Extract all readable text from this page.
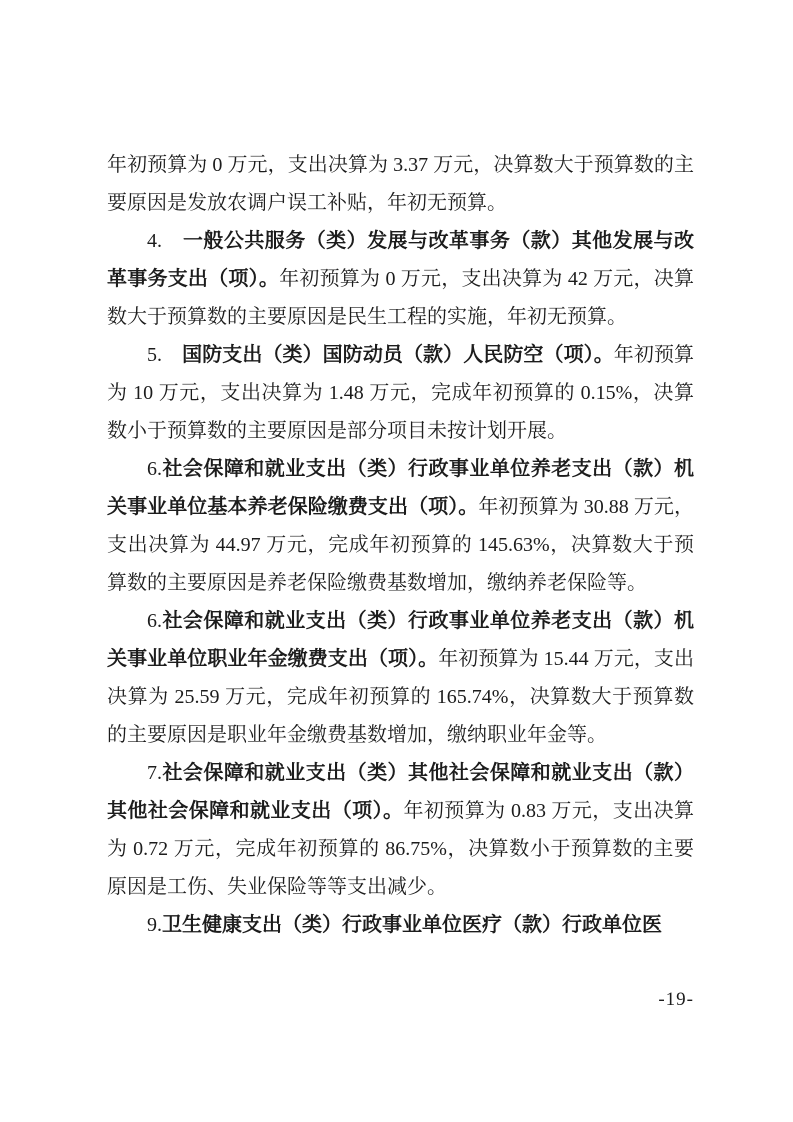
年初预算为 0 万元，支出决算为 3.37 万元，决算数大于预算数的主要原因是发放农调户误工补贴，年初无预算。

4.　一般公共服务（类）发展与改革事务（款）其他发展与改革事务支出（项）。年初预算为 0 万元，支出决算为 42 万元，决算数大于预算数的主要原因是民生工程的实施，年初无预算。

5.　国防支出（类）国防动员（款）人民防空（项）。年初预算为 10 万元，支出决算为 1.48 万元，完成年初预算的 0.15%，决算数小于预算数的主要原因是部分项目未按计划开展。

6.社会保障和就业支出（类）行政事业单位养老支出（款）机关事业单位基本养老保险缴费支出（项）。年初预算为 30.88 万元，支出决算为 44.97 万元，完成年初预算的 145.63%，决算数大于预算数的主要原因是养老保险缴费基数增加，缴纳养老保险等。

6.社会保障和就业支出（类）行政事业单位养老支出（款）机关事业单位职业年金缴费支出（项）。年初预算为 15.44 万元，支出决算为 25.59 万元，完成年初预算的 165.74%，决算数大于预算数的主要原因是职业年金缴费基数增加，缴纳职业年金等。

7.社会保障和就业支出（类）其他社会保障和就业支出（款）其他社会保障和就业支出（项）。年初预算为 0.83 万元，支出决算为 0.72 万元，完成年初预算的 86.75%，决算数小于预算数的主要原因是工伤、失业保险等等支出减少。

9.卫生健康支出（类）行政事业单位医疗（款）行政单位医

-19-
